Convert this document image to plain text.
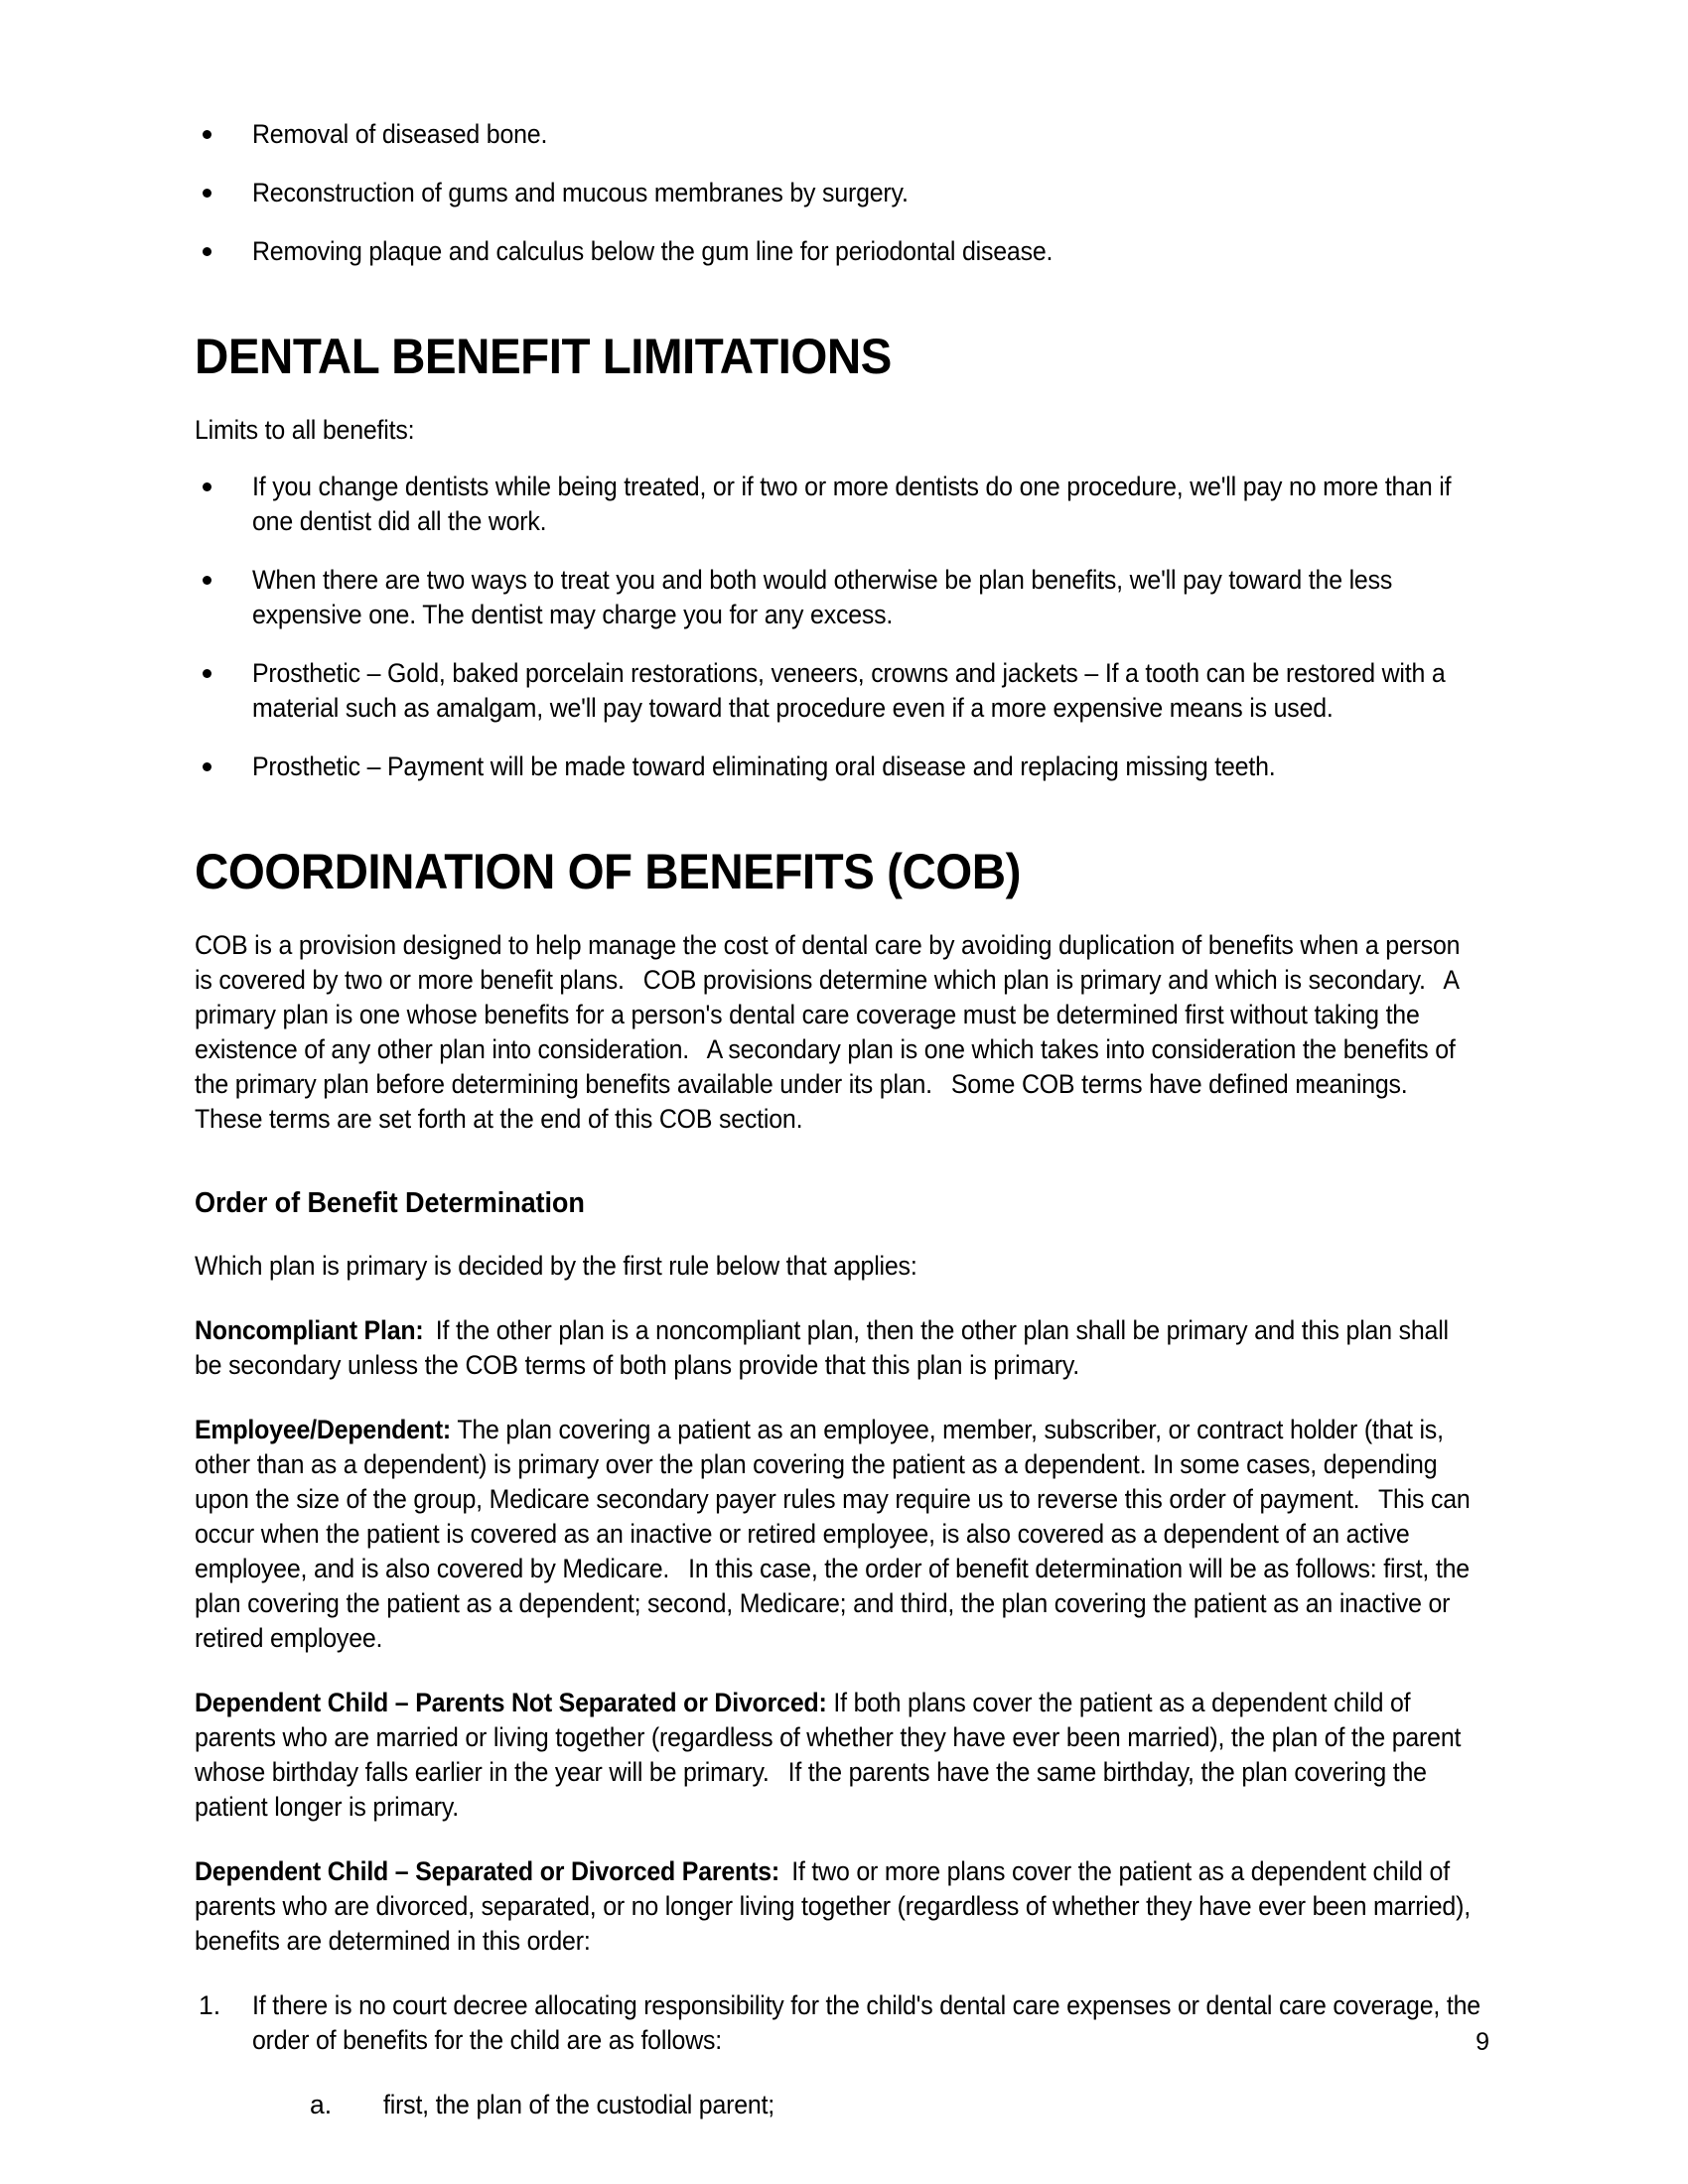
Removal of diseased bone.
Reconstruction of gums and mucous membranes by surgery.
Removing plaque and calculus below the gum line for periodontal disease.
DENTAL BENEFIT LIMITATIONS
Limits to all benefits:
If you change dentists while being treated, or if two or more dentists do one procedure, we'll pay no more than if one dentist did all the work.
When there are two ways to treat you and both would otherwise be plan benefits, we'll pay toward the less expensive one. The dentist may charge you for any excess.
Prosthetic – Gold, baked porcelain restorations, veneers, crowns and jackets – If a tooth can be restored with a material such as amalgam, we'll pay toward that procedure even if a more expensive means is used.
Prosthetic – Payment will be made toward eliminating oral disease and replacing missing teeth.
COORDINATION OF BENEFITS (COB)
COB is a provision designed to help manage the cost of dental care by avoiding duplication of benefits when a person is covered by two or more benefit plans.  COB provisions determine which plan is primary and which is secondary.  A primary plan is one whose benefits for a person's dental care coverage must be determined first without taking the existence of any other plan into consideration.  A secondary plan is one which takes into consideration the benefits of the primary plan before determining benefits available under its plan.  Some COB terms have defined meanings.  These terms are set forth at the end of this COB section.
Order of Benefit Determination
Which plan is primary is decided by the first rule below that applies:
Noncompliant Plan: If the other plan is a noncompliant plan, then the other plan shall be primary and this plan shall be secondary unless the COB terms of both plans provide that this plan is primary.
Employee/Dependent: The plan covering a patient as an employee, member, subscriber, or contract holder (that is, other than as a dependent) is primary over the plan covering the patient as a dependent. In some cases, depending upon the size of the group, Medicare secondary payer rules may require us to reverse this order of payment.  This can occur when the patient is covered as an inactive or retired employee, is also covered as a dependent of an active employee, and is also covered by Medicare.  In this case, the order of benefit determination will be as follows: first, the plan covering the patient as a dependent; second, Medicare; and third, the plan covering the patient as an inactive or retired employee.
Dependent Child – Parents Not Separated or Divorced: If both plans cover the patient as a dependent child of parents who are married or living together (regardless of whether they have ever been married), the plan of the parent whose birthday falls earlier in the year will be primary.  If the parents have the same birthday, the plan covering the patient longer is primary.
Dependent Child – Separated or Divorced Parents: If two or more plans cover the patient as a dependent child of parents who are divorced, separated, or no longer living together (regardless of whether they have ever been married), benefits are determined in this order:
1. If there is no court decree allocating responsibility for the child's dental care expenses or dental care coverage, the order of benefits for the child are as follows:
a. first, the plan of the custodial parent;
9
